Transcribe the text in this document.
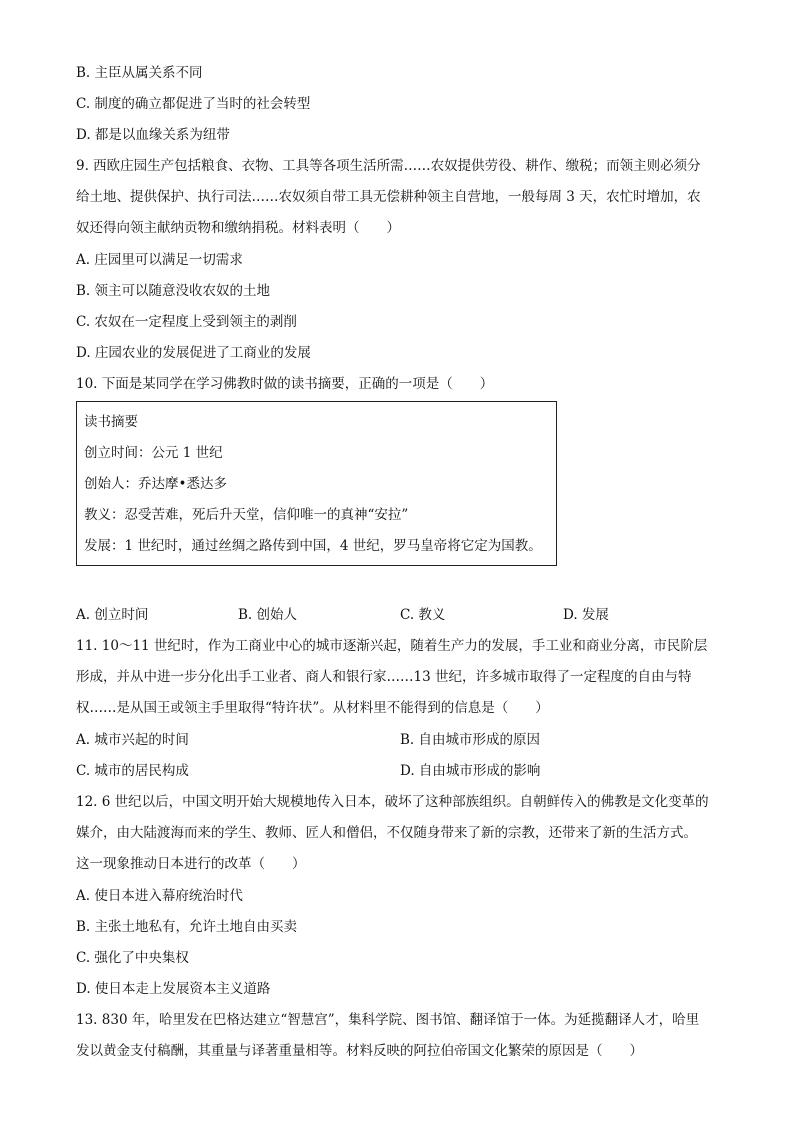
B. 主臣从属关系不同
C. 制度的确立都促进了当时的社会转型
D. 都是以血缘关系为纽带
9. 西欧庄园生产包括粮食、衣物、工具等各项生活所需……农奴提供劳役、耕作、缴税；而领主则必须分
给土地、提供保护、执行司法……农奴须自带工具无偿耕种领主自营地，一般每周 3 天，农忙时增加，农
奴还得向领主献纳贡物和缴纳捐税。材料表明（　　）
A. 庄园里可以满足一切需求
B. 领主可以随意没收农奴的土地
C. 农奴在一定程度上受到领主的剥削
D. 庄园农业的发展促进了工商业的发展
10. 下面是某同学在学习佛教时做的读书摘要，正确的一项是（　　）
读书摘要
创立时间：公元 1 世纪
创始人：乔达摩•悉达多
教义：忍受苦难，死后升天堂，信仰唯一的真神“安拉”
发展：1 世纪时，通过丝绸之路传到中国，4 世纪，罗马皇帝将它定为国教。
A. 创立时间	B. 创始人	C. 教义	D. 发展
11. 10～11 世纪时，作为工商业中心的城市逐渐兴起，随着生产力的发展，手工业和商业分离，市民阶层
形成，并从中进一步分化出手工业者、商人和银行家……13 世纪，许多城市取得了一定程度的自由与特
权……是从国王或领主手里取得“特许状”。从材料里不能得到的信息是（　　）
A. 城市兴起的时间	B. 自由城市形成的原因
C. 城市的居民构成	D. 自由城市形成的影响
12. 6 世纪以后，中国文明开始大规模地传入日本，破坏了这种部族组织。自朝鲜传入的佛教是文化变革的
媒介，由大陆渡海而来的学生、教师、匠人和僧侣，不仅随身带来了新的宗教，还带来了新的生活方式。
这一现象推动日本进行的改革（　　）
A. 使日本进入幕府统治时代
B. 主张土地私有，允许土地自由买卖
C. 强化了中央集权
D. 使日本走上发展资本主义道路
13. 830 年，哈里发在巴格达建立“智慧宫”，集科学院、图书馆、翻译馆于一体。为延揽翻译人才，哈里
发以黄金支付稿酬，其重量与译著重量相等。材料反映的阿拉伯帝国文化繁荣的原因是（　　）
